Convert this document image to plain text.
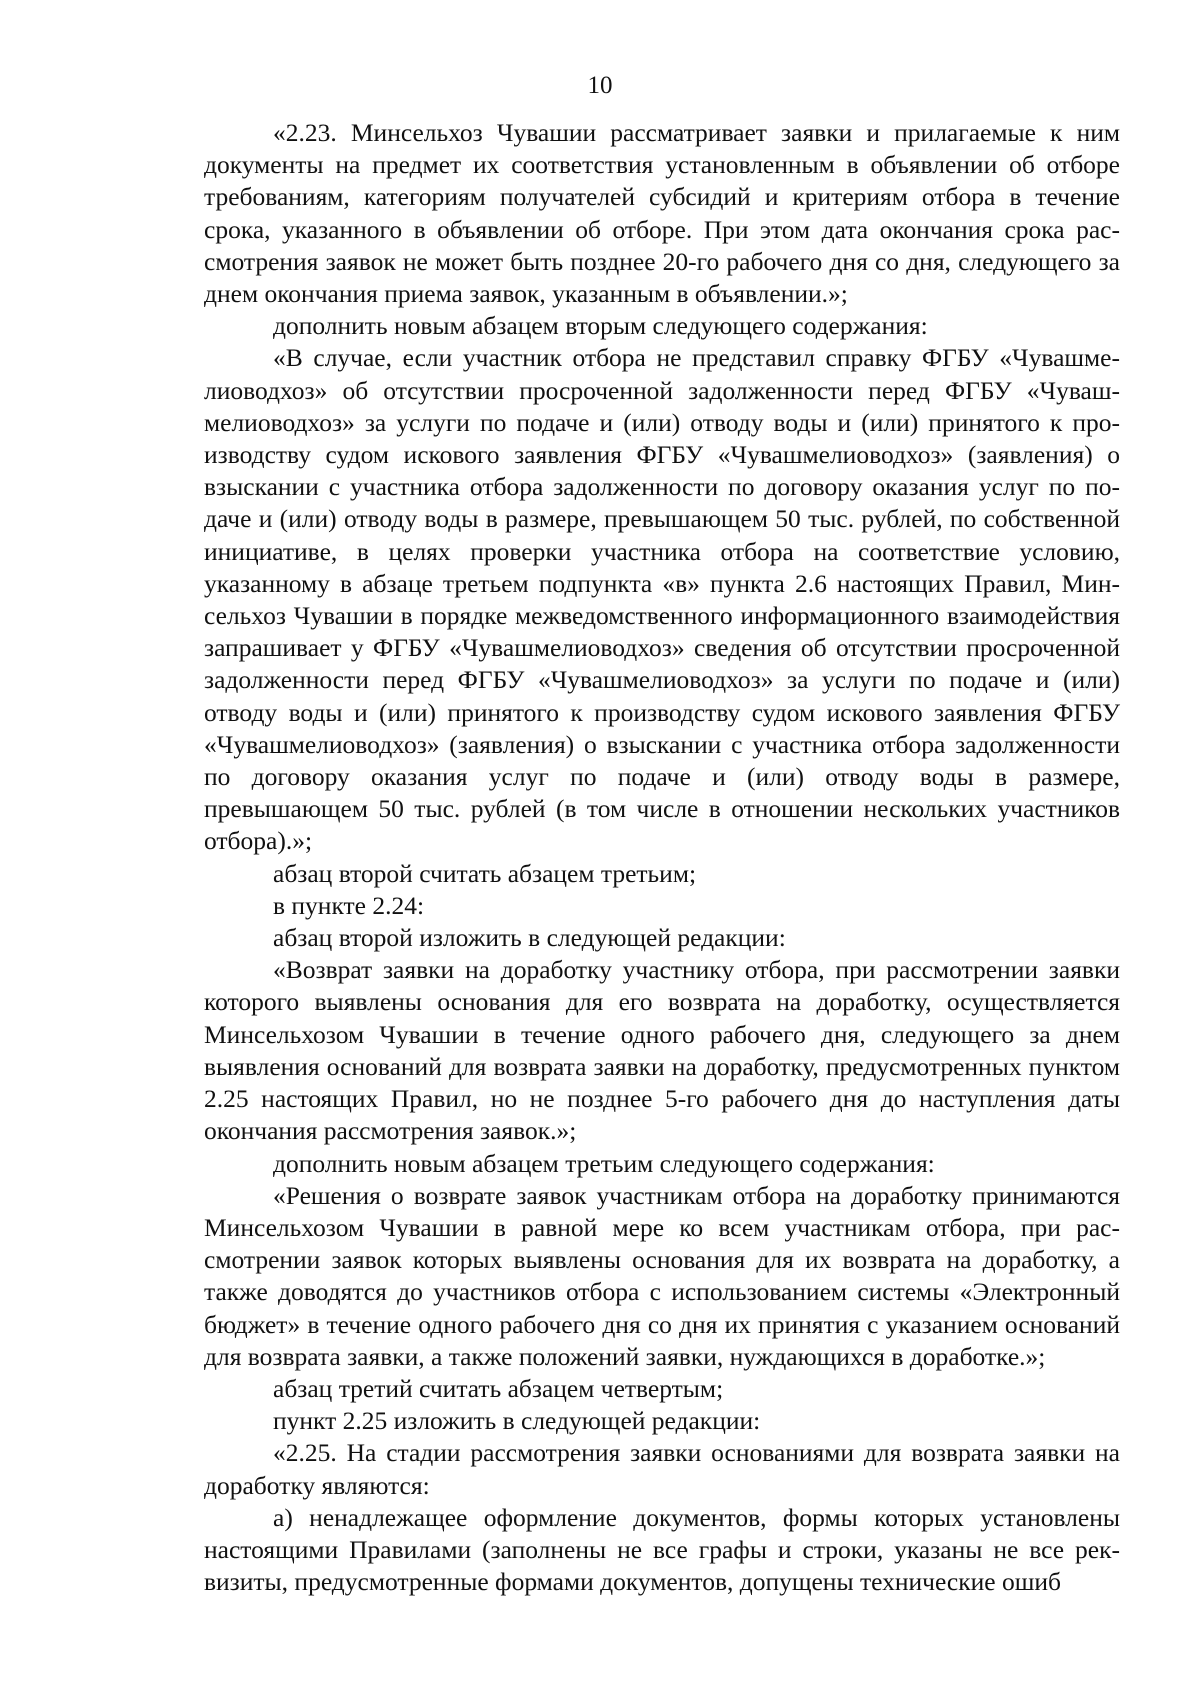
10

«2.23. Минсельхоз Чувашии рассматривает заявки и прилагаемые к ним документы на предмет их соответствия установленным в объявлении об отборе требованиям, категориям получателей субсидий и критериям отбора в течение срока, указанного в объявлении об отборе. При этом дата окончания срока рассмотрения заявок не может быть позднее 20-го рабочего дня со дня, следующего за днем окончания приема заявок, указанным в объявлении.»;

дополнить новым абзацем вторым следующего содержания:

«В случае, если участник отбора не представил справку ФГБУ «Чувашмелиоводхоз» об отсутствии просроченной задолженности перед ФГБУ «Чувашмелиоводхоз» за услуги по подаче и (или) отводу воды и (или) принятого к производству судом искового заявления ФГБУ «Чувашмелиоводхоз» (заявления) о взыскании с участника отбора задолженности по договору оказания услуг по подаче и (или) отводу воды в размере, превышающем 50 тыс. рублей, по собственной инициативе, в целях проверки участника отбора на соответствие условию, указанному в абзаце третьем подпункта «в» пункта 2.6 настоящих Правил, Минсельхоз Чувашии в порядке межведомственного информационного взаимодействия запрашивает у ФГБУ «Чувашмелиоводхоз» сведения об отсутствии просроченной задолженности перед ФГБУ «Чувашмелиоводхоз» за услуги по подаче и (или) отводу воды и (или) принятого к производству судом искового заявления ФГБУ «Чувашмелиоводхоз» (заявления) о взыскании с участника отбора задолженности по договору оказания услуг по подаче и (или) отводу воды в размере, превышающем 50 тыс. рублей (в том числе в отношении нескольких участников отбора).»;

абзац второй считать абзацем третьим;

в пункте 2.24:

абзац второй изложить в следующей редакции:

«Возврат заявки на доработку участнику отбора, при рассмотрении заявки которого выявлены основания для его возврата на доработку, осуществляется Минсельхозом Чувашии в течение одного рабочего дня, следующего за днем выявления оснований для возврата заявки на доработку, предусмотренных пунктом 2.25 настоящих Правил, но не позднее 5-го рабочего дня до наступления даты окончания рассмотрения заявок.»;

дополнить новым абзацем третьим следующего содержания:

«Решения о возврате заявок участникам отбора на доработку принимаются Минсельхозом Чувашии в равной мере ко всем участникам отбора, при рассмотрении заявок которых выявлены основания для их возврата на доработку, а также доводятся до участников отбора с использованием системы «Электронный бюджет» в течение одного рабочего дня со дня их принятия с указанием оснований для возврата заявки, а также положений заявки, нуждающихся в доработке.»;

абзац третий считать абзацем четвертым;

пункт 2.25 изложить в следующей редакции:

«2.25. На стадии рассмотрения заявки основаниями для возврата заявки на доработку являются:

а) ненадлежащее оформление документов, формы которых установлены настоящими Правилами (заполнены не все графы и строки, указаны не все реквизиты, предусмотренные формами документов, допущены технические ошиб
